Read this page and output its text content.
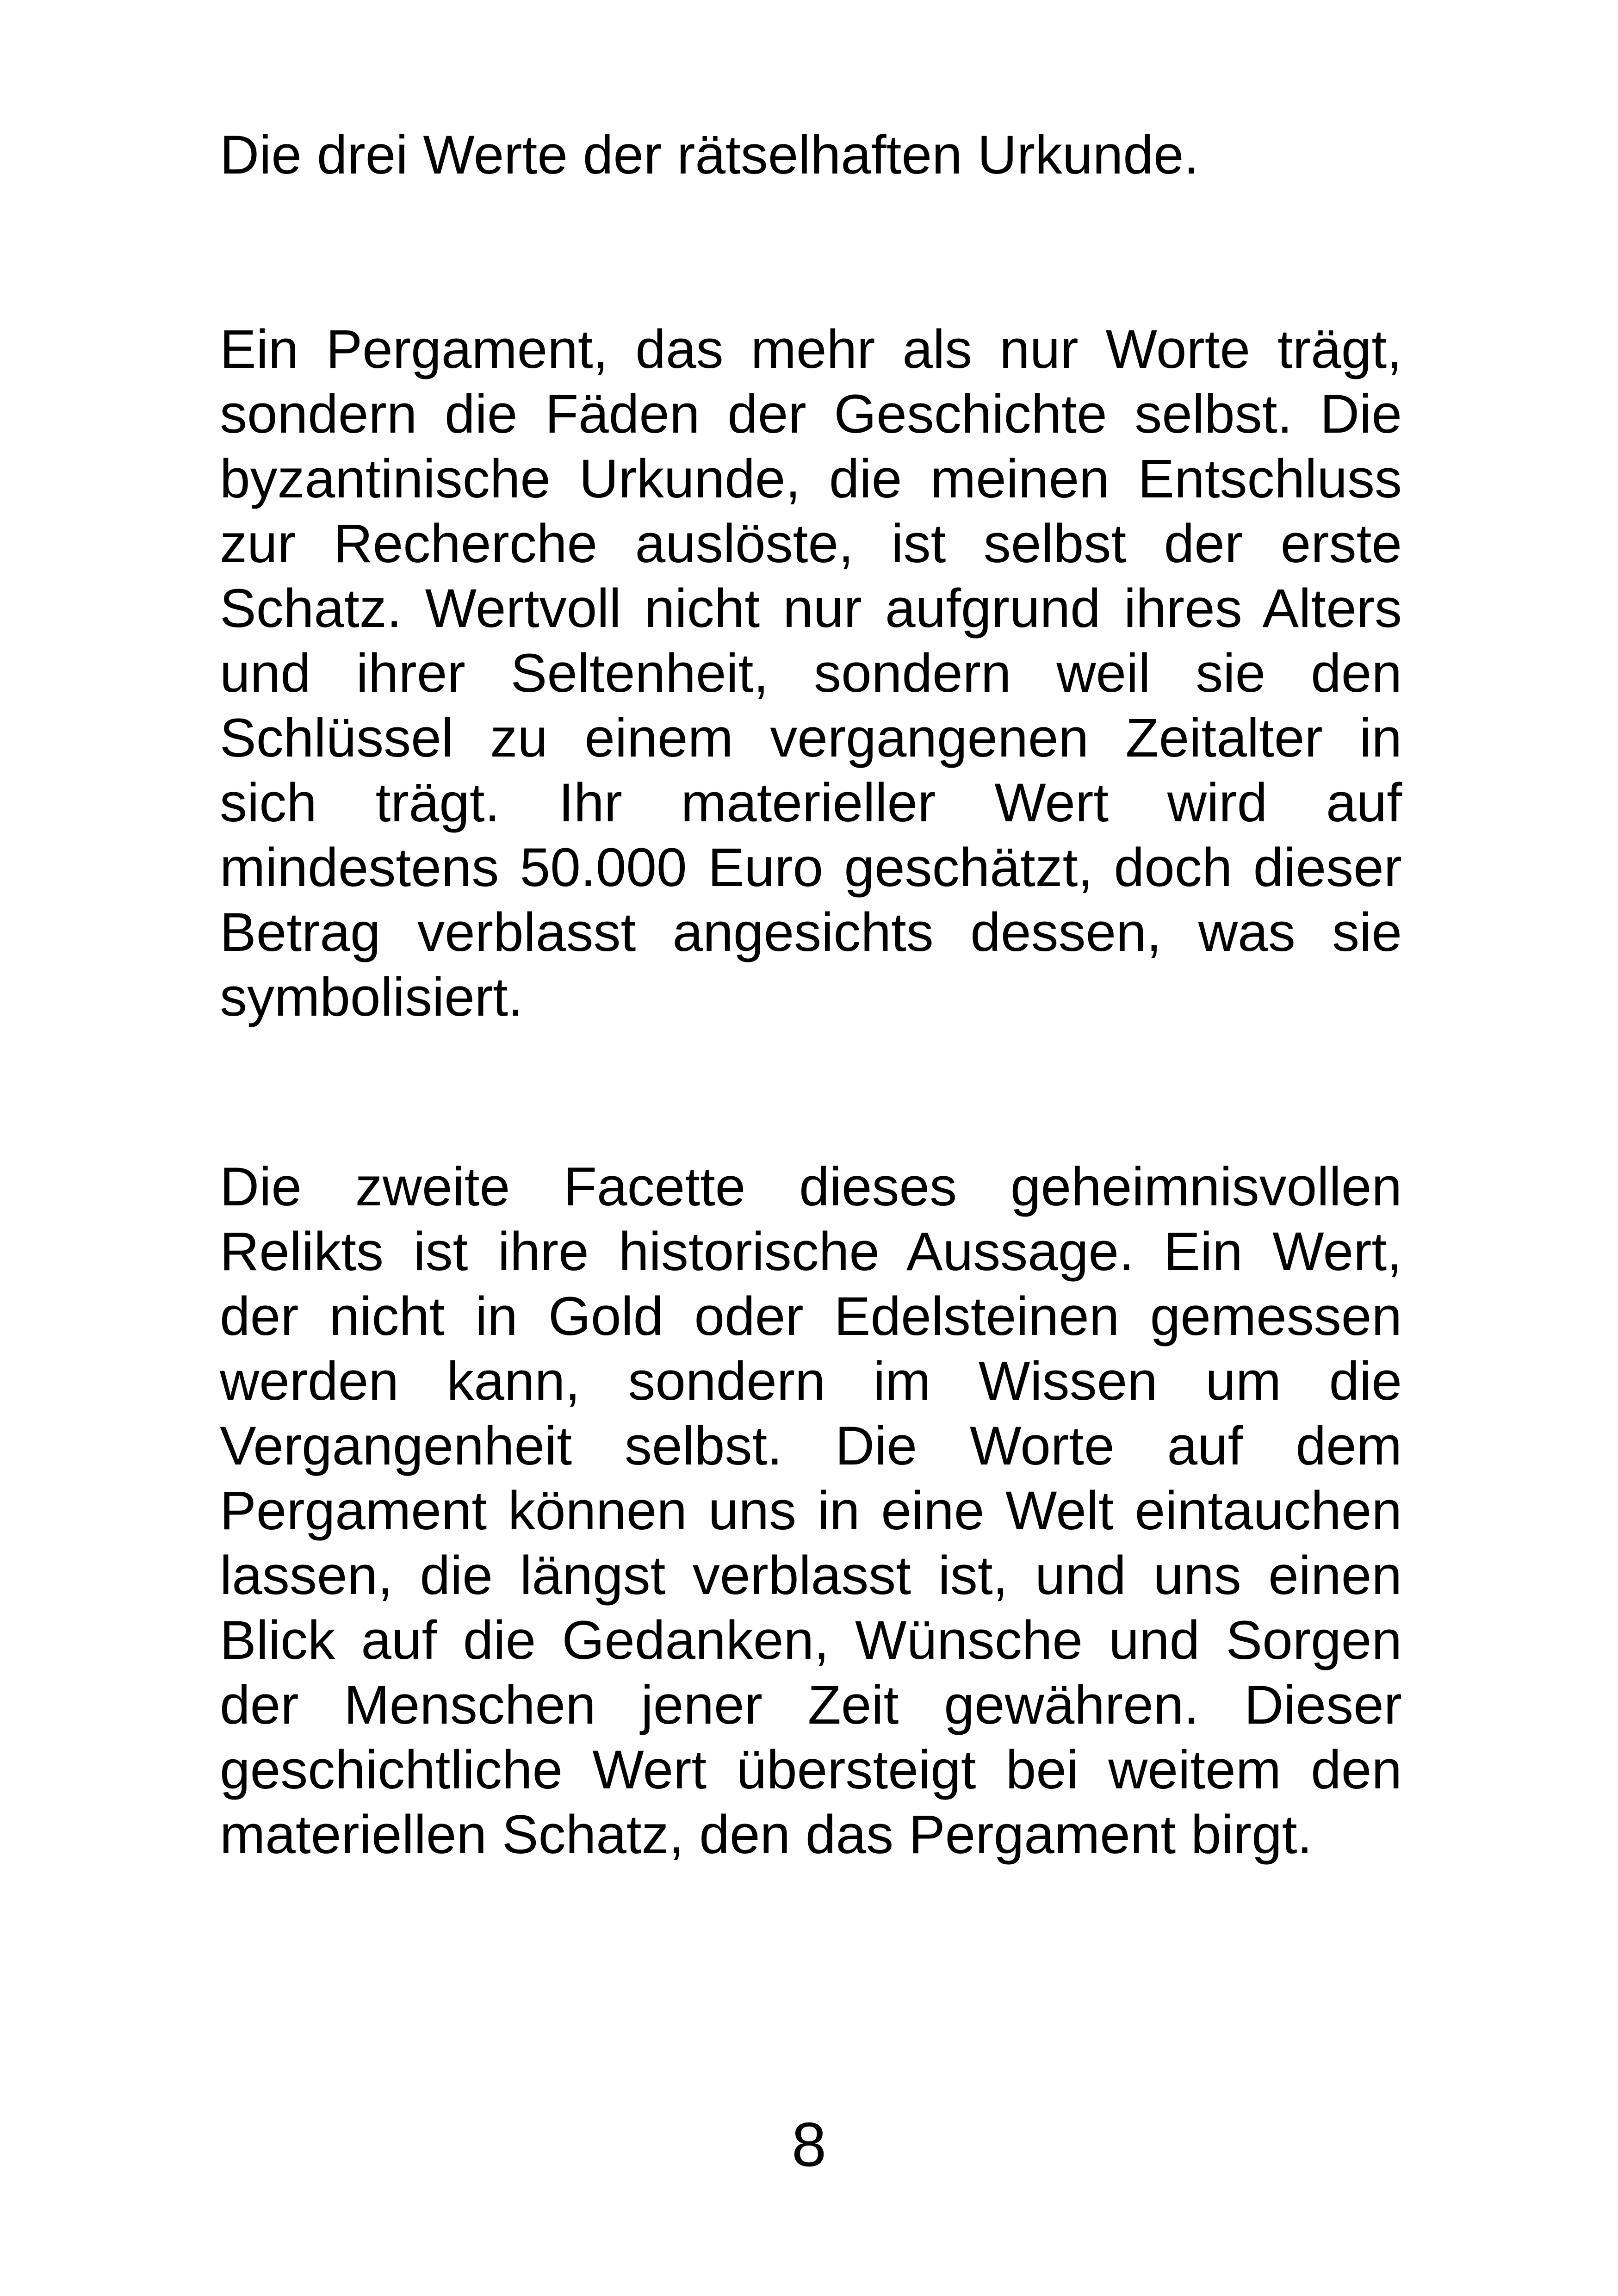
Die drei Werte der rätselhaften Urkunde.

Ein Pergament, das mehr als nur Worte trägt, sondern die Fäden der Geschichte selbst. Die byzantinische Urkunde, die meinen Entschluss zur Recherche auslöste, ist selbst der erste Schatz. Wertvoll nicht nur aufgrund ihres Alters und ihrer Seltenheit, sondern weil sie den Schlüssel zu einem vergangenen Zeitalter in sich trägt. Ihr materieller Wert wird auf mindestens 50.000 Euro geschätzt, doch dieser Betrag verblasst angesichts dessen, was sie symbolisiert.

Die zweite Facette dieses geheimnisvollen Relikts ist ihre historische Aussage. Ein Wert, der nicht in Gold oder Edelsteinen gemessen werden kann, sondern im Wissen um die Vergangenheit selbst. Die Worte auf dem Pergament können uns in eine Welt eintauchen lassen, die längst verblasst ist, und uns einen Blick auf die Gedanken, Wünsche und Sorgen der Menschen jener Zeit gewähren. Dieser geschichtliche Wert übersteigt bei weitem den materiellen Schatz, den das Pergament birgt.

8
